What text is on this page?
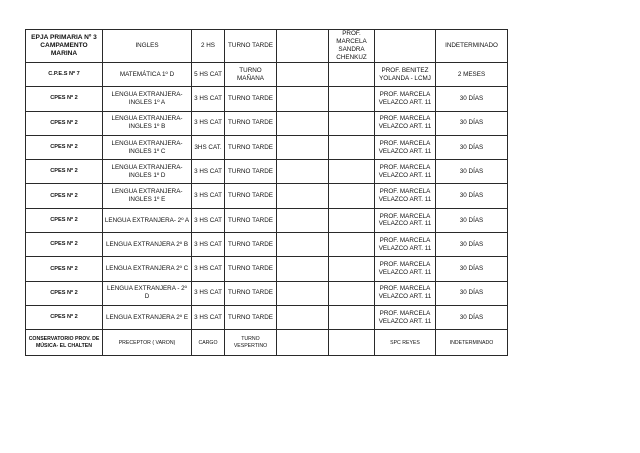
EPJA PRIMARIA Nº 3
CAMPAMENTO MARINA	INGLES	2 HS	TURNO TARDE		PROF.
MARCELA
SANDRA
CHENKUZ		INDETERMINADO
C.P.E.S Nº 7	MATEMÁTICA 1º D	5 HS CAT	TURNO MAÑANA			PROF. BENITEZ
YOLANDA - LCMJ	2 MESES
CPES Nº 2	LENGUA EXTRANJERA-
INGLES 1º A	3 HS CAT	TURNO TARDE			PROF. MARCELA
VELAZCO ART. 11	30 DÍAS
CPES Nº 2	LENGUA EXTRANJERA-
INGLES 1º B	3 HS CAT	TURNO TARDE			PROF. MARCELA
VELAZCO ART. 11	30 DÍAS
CPES Nº 2	LENGUA EXTRANJERA-
INGLES 1º C	3HS CAT.	TURNO TARDE			PROF. MARCELA
VELAZCO ART. 11	30 DÍAS
CPES Nº 2	LENGUA EXTRANJERA-
INGLES 1º D	3 HS CAT	TURNO TARDE			PROF. MARCELA
VELAZCO ART. 11	30 DÍAS
CPES Nº 2	LENGUA EXTRANJERA-
INGLES 1º E	3 HS CAT	TURNO TARDE			PROF. MARCELA
VELAZCO ART. 11	30 DÍAS
CPES Nº 2	LENGUA EXTRANJERA- 2º A	3 HS CAT	TURNO TARDE			PROF. MARCELA
VELAZCO ART. 11	30 DÍAS
CPES Nº 2	LENGUA EXTRANJERA 2º B	3 HS CAT	TURNO TARDE			PROF. MARCELA
VELAZCO ART. 11	30 DÍAS
CPES Nº 2	LENGUA EXTRANJERA 2º C	3 HS CAT	TURNO TARDE			PROF. MARCELA
VELAZCO ART. 11	30 DÍAS
CPES Nº 2	LENGUA EXTRANJERA - 2º D	3 HS CAT	TURNO TARDE			PROF. MARCELA
VELAZCO ART. 11	30 DÍAS
CPES Nº 2	LENGUA EXTRANJERA 2º E	3 HS CAT	TURNO TARDE			PROF. MARCELA
VELAZCO ART. 11	30 DÍAS
CONSERVATORIO PROV. DE
MÚSICA- EL CHALTEN	PRECEPTOR ( VARON)	CARGO	TURNO VESPERTINO			SPC REYES	INDETERMINADO
